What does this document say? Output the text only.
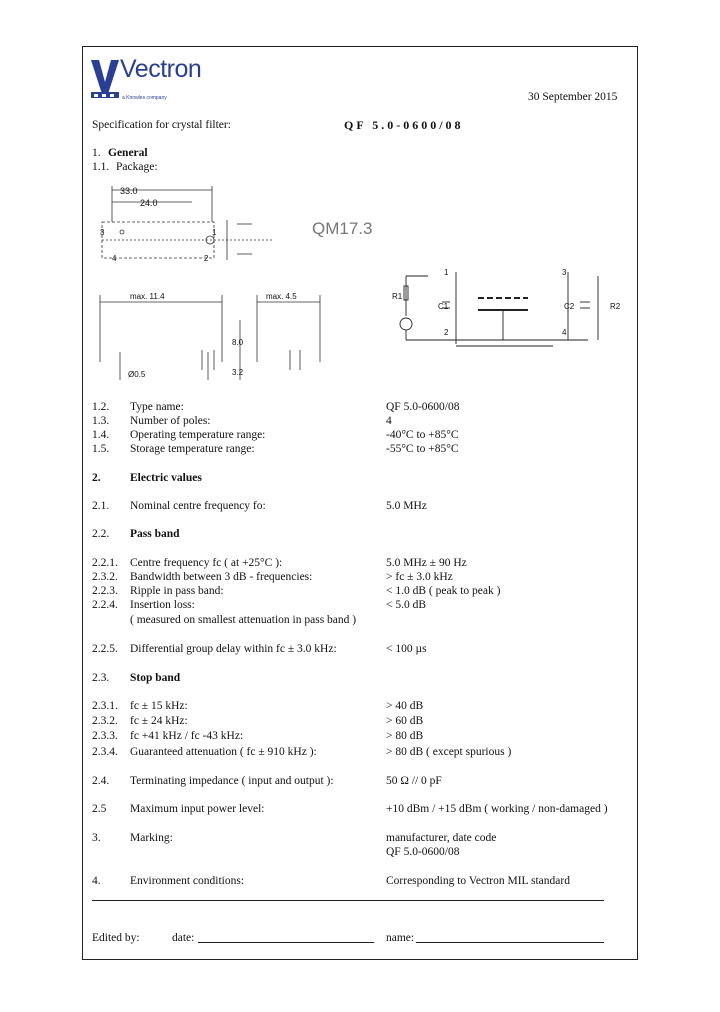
Vectron
a Knowles company	30 September 2015
Specification for crystal filter:	QF 5.0-0600/08
1. General
1.1. Package:
33.0
24.0
max. 11.4	max. 4.5
Ø0.5	3.2
8.0
3
4
1
2
QM17.3
R1
C1	C2	R2
1
2
3
4
1.2. Type name:	QF 5.0-0600/08
1.3. Number of poles:	4
1.4. Operating temperature range:	-40°C to +85°C
1.5. Storage temperature range:	-55°C to +85°C
2.	Electric values
2.1. Nominal centre frequency fo:	5.0 MHz
2.2. Pass band
2.2.1. Centre frequency fc ( at +25°C ):	5.0 MHz ± 90 Hz
2.3.2. Bandwidth between 3 dB - frequencies:	> fc ± 3.0 kHz
2.2.3. Ripple in pass band:	< 1.0 dB ( peak to peak )
2.2.4. Insertion loss:	< 5.0 dB
( measured on smallest attenuation in pass band )
2.2.5. Differential group delay within fc ± 3.0 kHz:	< 100 µs
2.3. Stop band
2.3.1. fc ± 15 kHz:	> 40 dB
2.3.2. fc ± 24 kHz:	> 60 dB
2.3.3. fc +41 kHz / fc -43 kHz:	> 80 dB
2.3.4. Guaranteed attenuation ( fc ± 910 kHz ):	> 80 dB ( except spurious )
2.4. Terminating impedance ( input and output ):	50 Ω // 0 pF
2.5 Maximum input power level:	+10 dBm / +15 dBm ( working / non-damaged )
3.	Marking:	manufacturer, date code
QF 5.0-0600/08
4.	Environment conditions:	Corresponding to Vectron MIL standard
Edited by:	date:	name:
